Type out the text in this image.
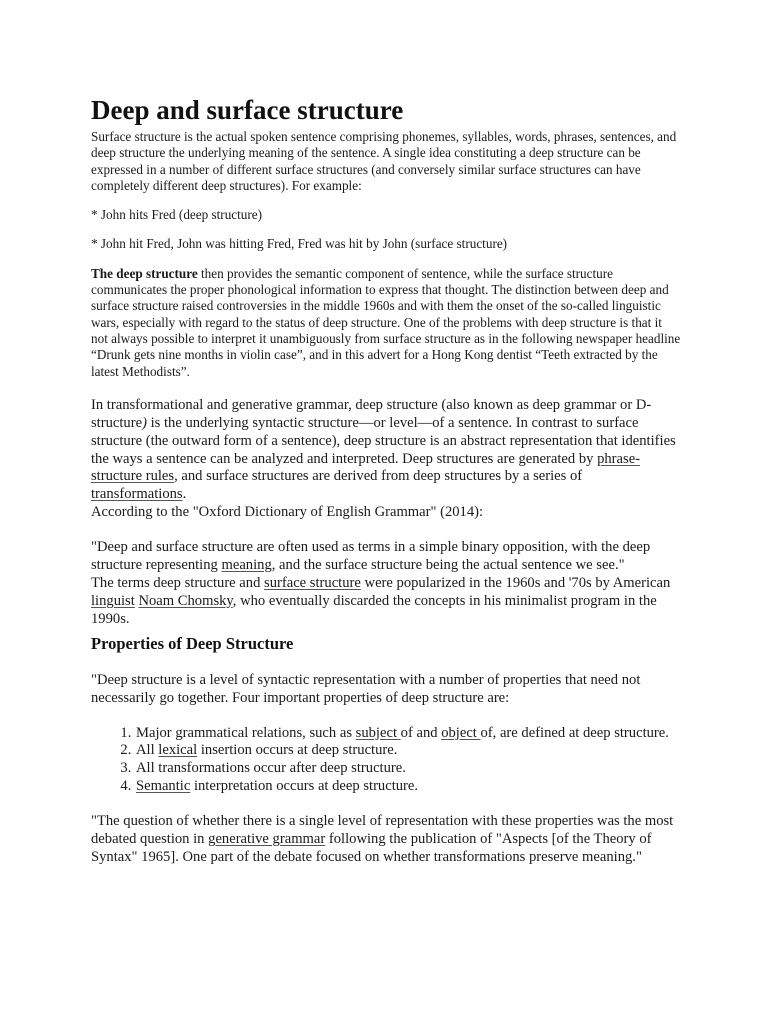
Deep and surface structure

Surface structure is the actual spoken sentence comprising phonemes, syllables, words, phrases, sentences, and deep structure the underlying meaning of the sentence. A single idea constituting a deep structure can be expressed in a number of different surface structures (and conversely similar surface structures can have completely different deep structures). For example:

* John hits Fred (deep structure)

* John hit Fred, John was hitting Fred, Fred was hit by John (surface structure)

The deep structure then provides the semantic component of sentence, while the surface structure communicates the proper phonological information to express that thought. The distinction between deep and surface structure raised controversies in the middle 1960s and with them the onset of the so-called linguistic wars, especially with regard to the status of deep structure. One of the problems with deep structure is that it not always possible to interpret it unambiguously from surface structure as in the following newspaper headline “Drunk gets nine months in violin case”, and in this advert for a Hong Kong dentist “Teeth extracted by the latest Methodists”.

In transformational and generative grammar, deep structure (also known as deep grammar or D-structure) is the underlying syntactic structure—or level—of a sentence. In contrast to surface structure (the outward form of a sentence), deep structure is an abstract representation that identifies the ways a sentence can be analyzed and interpreted. Deep structures are generated by phrase-structure rules, and surface structures are derived from deep structures by a series of transformations.

According to the "Oxford Dictionary of English Grammar" (2014):

"Deep and surface structure are often used as terms in a simple binary opposition, with the deep structure representing meaning, and the surface structure being the actual sentence we see."

The terms deep structure and surface structure were popularized in the 1960s and '70s by American linguist Noam Chomsky, who eventually discarded the concepts in his minimalist program in the 1990s.

Properties of Deep Structure

"Deep structure is a level of syntactic representation with a number of properties that need not necessarily go together. Four important properties of deep structure are:

1. Major grammatical relations, such as subject of and object of, are defined at deep structure.
2. All lexical insertion occurs at deep structure.
3. All transformations occur after deep structure.
4. Semantic interpretation occurs at deep structure.

"The question of whether there is a single level of representation with these properties was the most debated question in generative grammar following the publication of "Aspects [of the Theory of Syntax" 1965]. One part of the debate focused on whether transformations preserve meaning."
